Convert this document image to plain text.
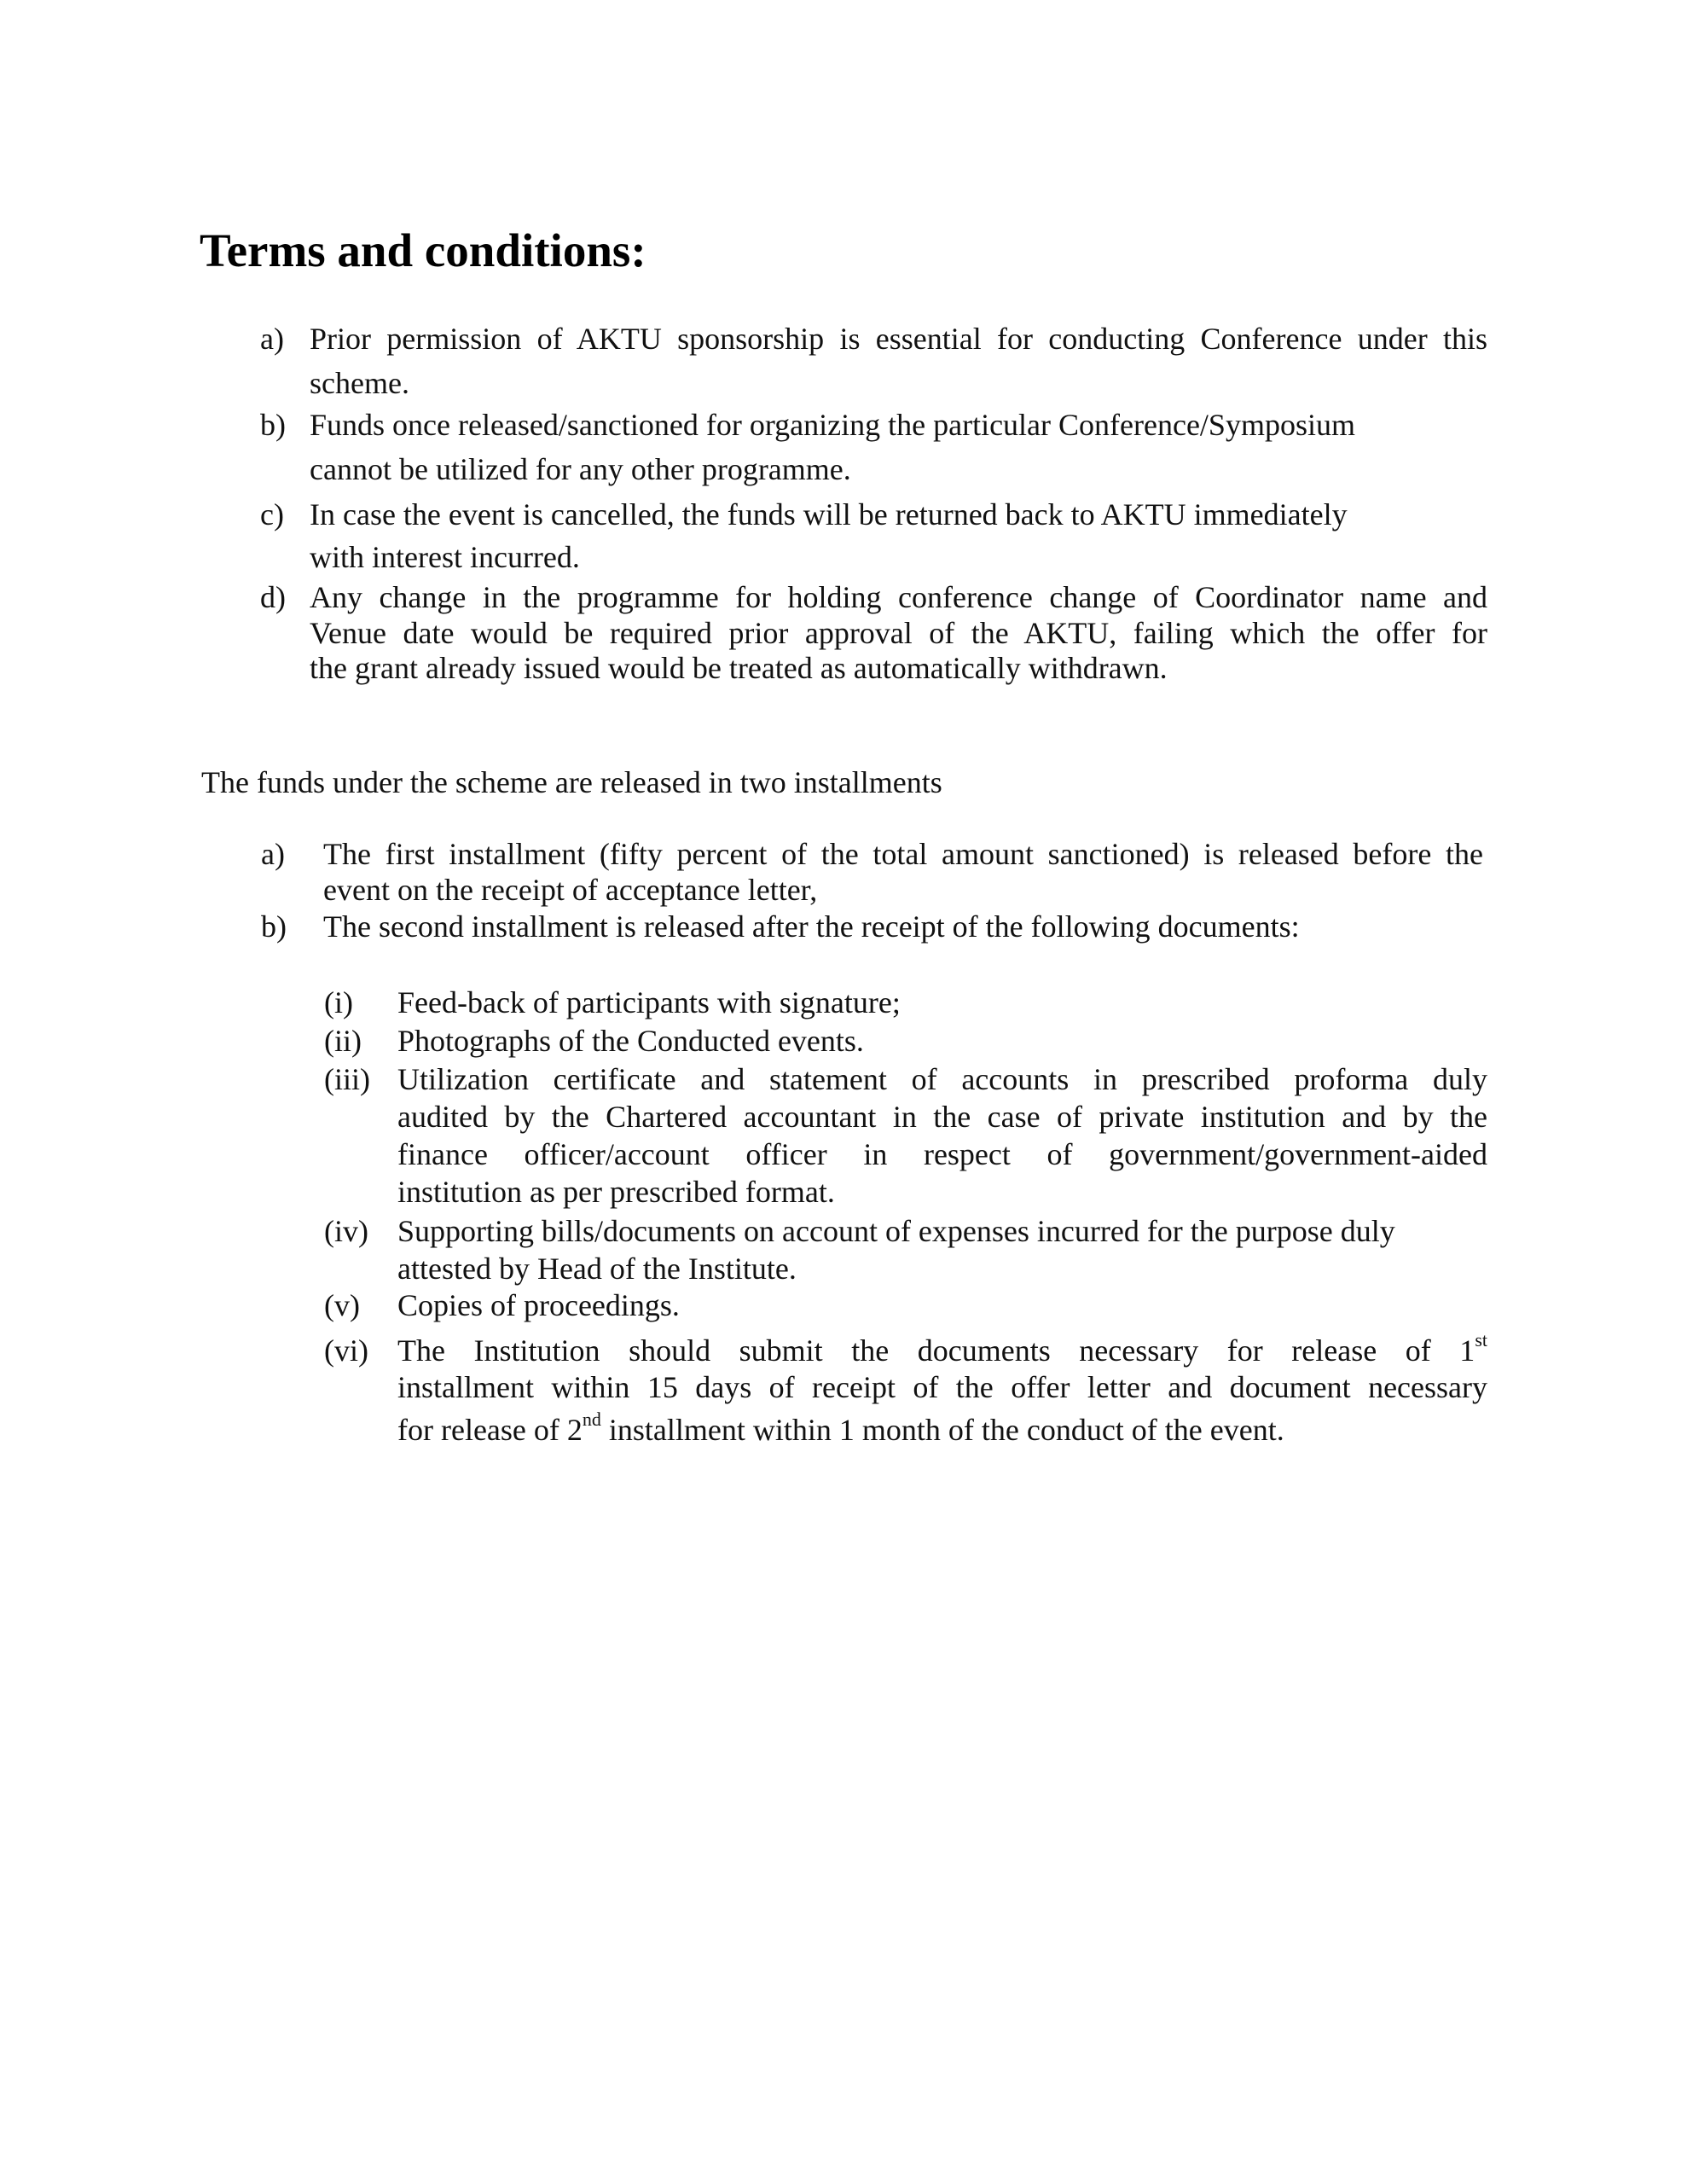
Terms and conditions:
a) Prior permission of AKTU sponsorship is essential for conducting Conference under this
scheme.
b) Funds once released/sanctioned for organizing the particular Conference/Symposium
cannot be utilized for any other programme.
c) In case the event is cancelled, the funds will be returned back to AKTU immediately
with interest incurred.
d) Any change in the programme for holding conference change of Coordinator name and
Venue date would be required prior approval of the AKTU, failing which the offer for
the grant already issued would be treated as automatically withdrawn.
The funds under the scheme are released in two installments
a) The first installment (fifty percent of the total amount sanctioned) is released before the
event on the receipt of acceptance letter,
b) The second installment is released after the receipt of the following documents:
(i) Feed-back of participants with signature;
(ii) Photographs of the Conducted events.
(iii) Utilization certificate and statement of accounts in prescribed proforma duly
audited by the Chartered accountant in the case of private institution and by the
finance officer/account officer in respect of government/government-aided
institution as per prescribed format.
(iv) Supporting bills/documents on account of expenses incurred for the purpose duly
attested by Head of the Institute.
(v) Copies of proceedings.
(vi) The Institution should submit the documents necessary for release of 1st
installment within 15 days of receipt of the offer letter and document necessary
for release of 2nd installment within 1 month of the conduct of the event.
